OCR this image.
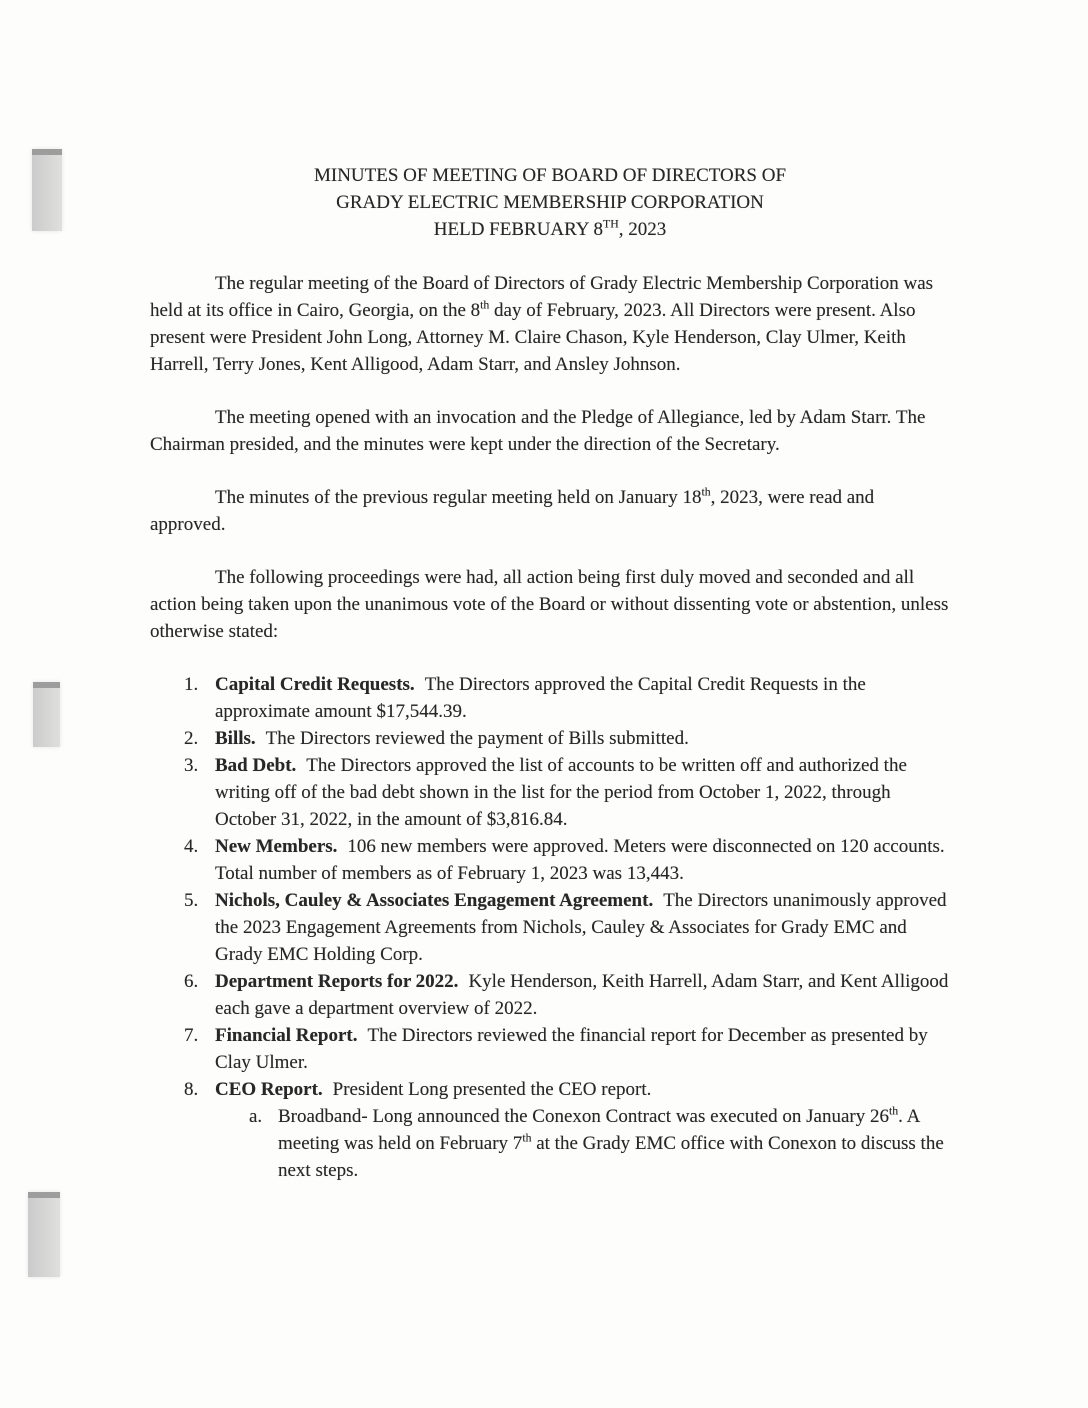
MINUTES OF MEETING OF BOARD OF DIRECTORS OF
GRADY ELECTRIC MEMBERSHIP CORPORATION
HELD FEBRUARY 8TH, 2023

The regular meeting of the Board of Directors of Grady Electric Membership Corporation was held at its office in Cairo, Georgia, on the 8th day of February, 2023. All Directors were present. Also present were President John Long, Attorney M. Claire Chason, Kyle Henderson, Clay Ulmer, Keith Harrell, Terry Jones, Kent Alligood, Adam Starr, and Ansley Johnson.

The meeting opened with an invocation and the Pledge of Allegiance, led by Adam Starr. The Chairman presided, and the minutes were kept under the direction of the Secretary.

The minutes of the previous regular meeting held on January 18th, 2023, were read and approved.

The following proceedings were had, all action being first duly moved and seconded and all action being taken upon the unanimous vote of the Board or without dissenting vote or abstention, unless otherwise stated:

1. Capital Credit Requests. The Directors approved the Capital Credit Requests in the approximate amount $17,544.39.
2. Bills. The Directors reviewed the payment of Bills submitted.
3. Bad Debt. The Directors approved the list of accounts to be written off and authorized the writing off of the bad debt shown in the list for the period from October 1, 2022, through October 31, 2022, in the amount of $3,816.84.
4. New Members. 106 new members were approved. Meters were disconnected on 120 accounts. Total number of members as of February 1, 2023 was 13,443.
5. Nichols, Cauley & Associates Engagement Agreement. The Directors unanimously approved the 2023 Engagement Agreements from Nichols, Cauley & Associates for Grady EMC and Grady EMC Holding Corp.
6. Department Reports for 2022. Kyle Henderson, Keith Harrell, Adam Starr, and Kent Alligood each gave a department overview of 2022.
7. Financial Report. The Directors reviewed the financial report for December as presented by Clay Ulmer.
8. CEO Report. President Long presented the CEO report.
a. Broadband- Long announced the Conexon Contract was executed on January 26th. A meeting was held on February 7th at the Grady EMC office with Conexon to discuss the next steps.
